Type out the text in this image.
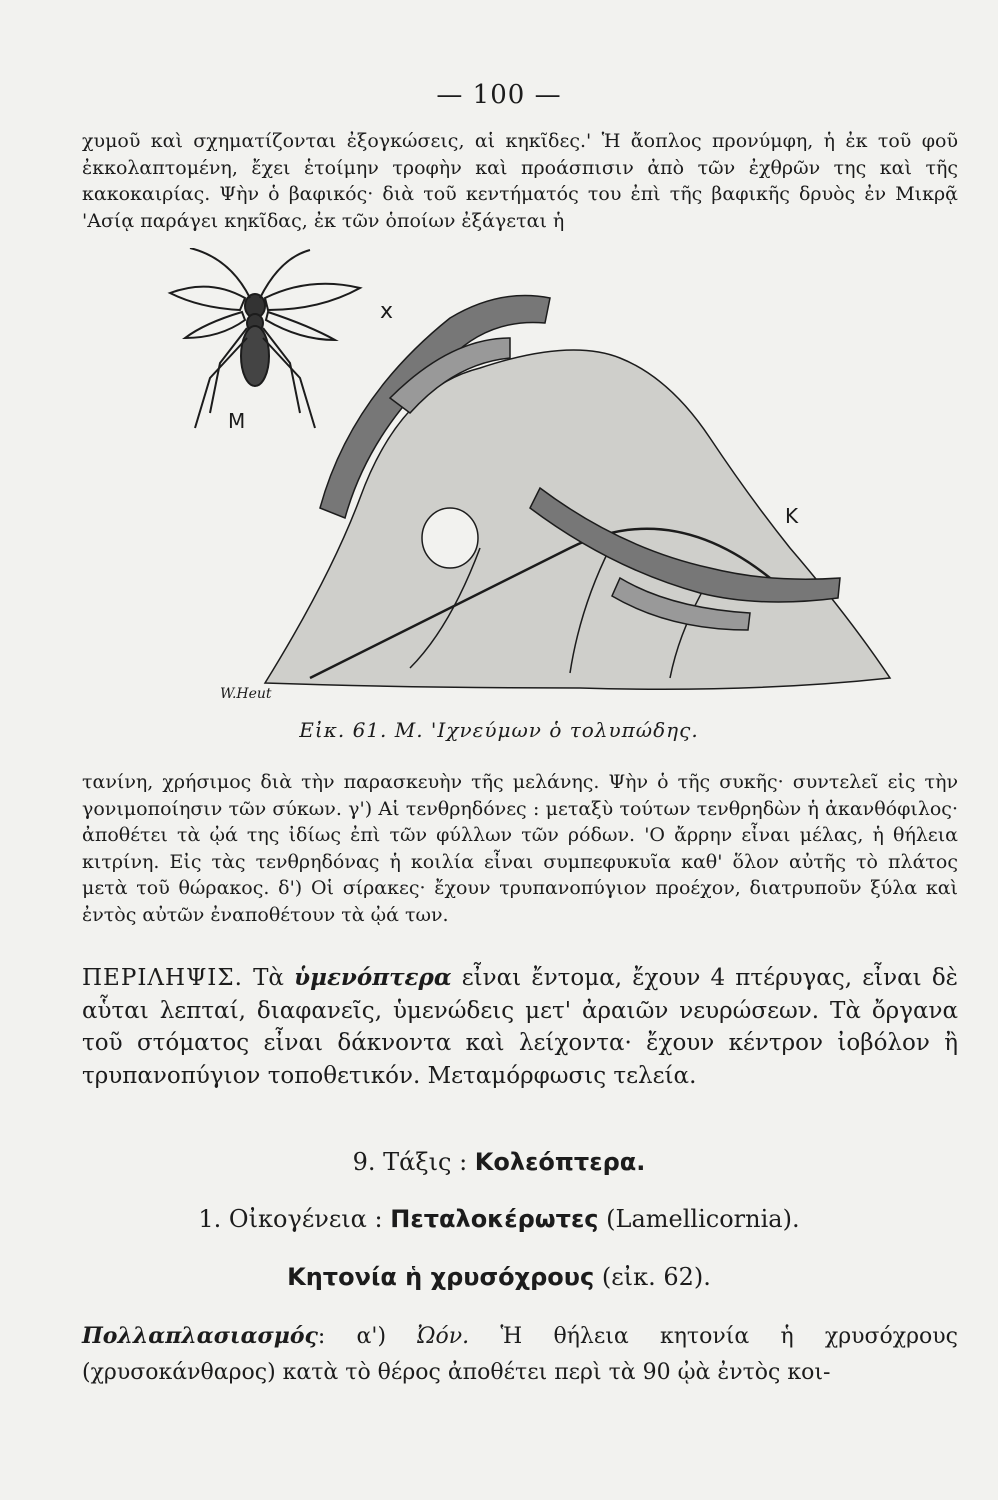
— 100 —

χυμοῦ καὶ σχηματίζονται ἐξογκώσεις, αἱ κηκῖδες.' Ἡ ἄοπλος προνύμφη, ἡ ἐκ τοῦ φοῦ ἐκκολαπτομένη, ἔχει ἑτοίμην τροφὴν καὶ προάσπισιν ἀπὸ τῶν ἐχθρῶν της καὶ τῆς κακοκαιρίας. Ψὴν ὁ βαφικός· διὰ τοῦ κεντήματός του ἐπὶ τῆς βαφικῆς δρυὸς ἐν Μικρᾷ 'Ασίᾳ παράγει κηκῖδας, ἐκ τῶν ὁποίων ἐξάγεται ἡ

M
x
K
W.Heut
Εἰκ. 61. Μ. 'Ιχνεύμων ὁ τολυπώδης.

τανίνη, χρήσιμος διὰ τὴν παρασκευὴν τῆς μελάνης. Ψὴν ὁ τῆς συκῆς· συντελεῖ εἰς τὴν γονιμοποίησιν τῶν σύκων. γ') Αἱ τενθρηδόνες : μεταξὺ τούτων τενθρηδὼν ἡ ἀκανθόφιλος· ἀποθέτει τὰ ᾠά της ἰδίως ἐπὶ τῶν φύλλων τῶν ρόδων. 'Ο ἄρρην εἶναι μέλας, ἡ θήλεια κιτρίνη. Εἰς τὰς τενθρηδόνας ἡ κοιλία εἶναι συμπεφυκυῖα καθ' ὅλον αὐτῆς τὸ πλάτος μετὰ τοῦ θώρακος. δ') Οἱ σίρακες· ἔχουν τρυπανοπύγιον προέχον, διατρυποῦν ξύλα καὶ ἐντὸς αὐτῶν ἐναποθέτουν τὰ ᾠά των.

ΠΕΡΙΛΗΨΙΣ. Τὰ ὑμενόπτερα εἶναι ἔντομα, ἔχουν 4 πτέρυγας, εἶναι δὲ αὗται λεπταί, διαφανεῖς, ὑμενώδεις μετ' ἀραιῶν νευρώσεων. Τὰ ὄργανα τοῦ στόματος εἶναι δάκνοντα καὶ λείχοντα· ἔχουν κέντρον ἰοβόλον ἢ τρυπανοπύγιον τοποθετικόν. Μεταμόρφωσις τελεία.

9. Τάξις : Κολεόπτερα.
1. Οἰκογένεια : Πεταλοκέρωτες (Lamellicornia).
Κητονία ἡ χρυσόχρους (εἰκ. 62).

Πολλαπλασιασμός: α') Ὠόν. Ἡ θήλεια κητονία ἡ χρυσόχρους (χρυσοκάνθαρος) κατὰ τὸ θέρος ἀποθέτει περὶ τὰ 90 ᾠὰ ἐντὸς κοι-
